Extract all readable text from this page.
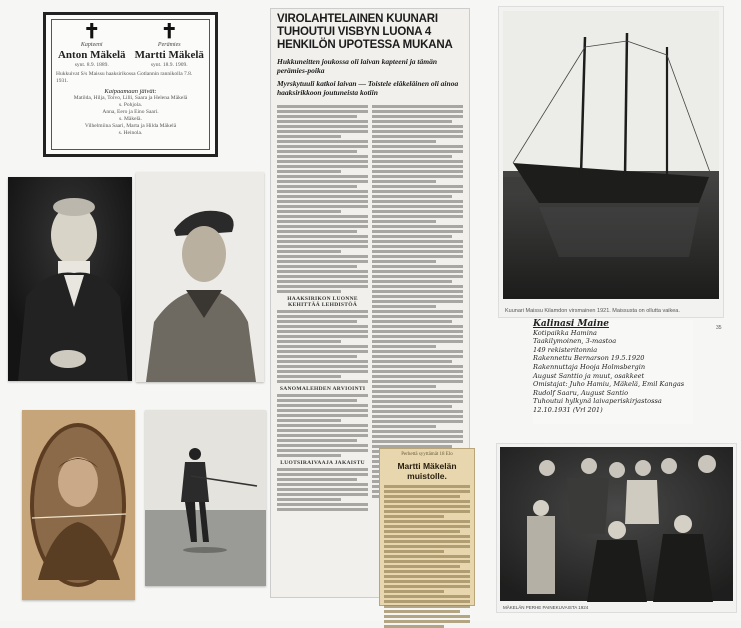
✝
Kapteeni
Anton Mäkelä
synt. 8.9. 1889.
✝
Perämies
Martti Mäkelä
synt. 18.9. 1909.
Hukkuivat S/s Maissu haaksirikossa Gotlannin rannikolla 7.8. 1931.
Kaipaamaan jäivät:
Matilda, Hilja, Toivo, Lilli, Saara ja Helena Mäkelä
s. Pohjola.
Anna, Eero ja Eino Saari.
s. Mäkelä.
Vilhelmiina Saari, Marta ja Hilda Mäkelä
s. Heinola.
VIROLAHTELAINEN KUUNARI TUHOUTUI VISBYN LUONA 4 HENKILÖN UPOTESSA MUKANA
Hukkuneitten joukossa oli laivan kapteeni ja tämän perämies-poika
Myrskytuuli katkoi laivan — Toistele eläkeläinen oli ainoa haaksirikkoon joutuneista kotiin
HAAKSIRIKON LUONNE KEHITTÄÄ LEHDISTÖÄ
SANOMALEHDEN ARVIOINTI
LUOTSIRAIVAAJA JAKAISTU
Perhettä syyttämät 18 Elo
Martti Mäkelän muistolle.
Kuunari Maissu Kilamdon virsmainen 1921. Maissusta on ollutta vaikea.
35
Kalinasi Maine
Kotipaikka Hamina
Taakilymoinen, 3-mastoa
149 rekisteritonnia
Rakennettu Bernarson 19.5.1920
Rakennuttaja Hooja Holmsbergin
August Santtio ja muut, osakkeet
Omistajat: Juho Hamiu, Mäkelä, Emil Kangas
Rudolf Saaru, August Santio
Tuhoutui hylkynä laivaperiskirjastossa
12.10.1931 (Vrl 201)
MÄKELÄN PERHE PAINEKUVAISTA 1924
